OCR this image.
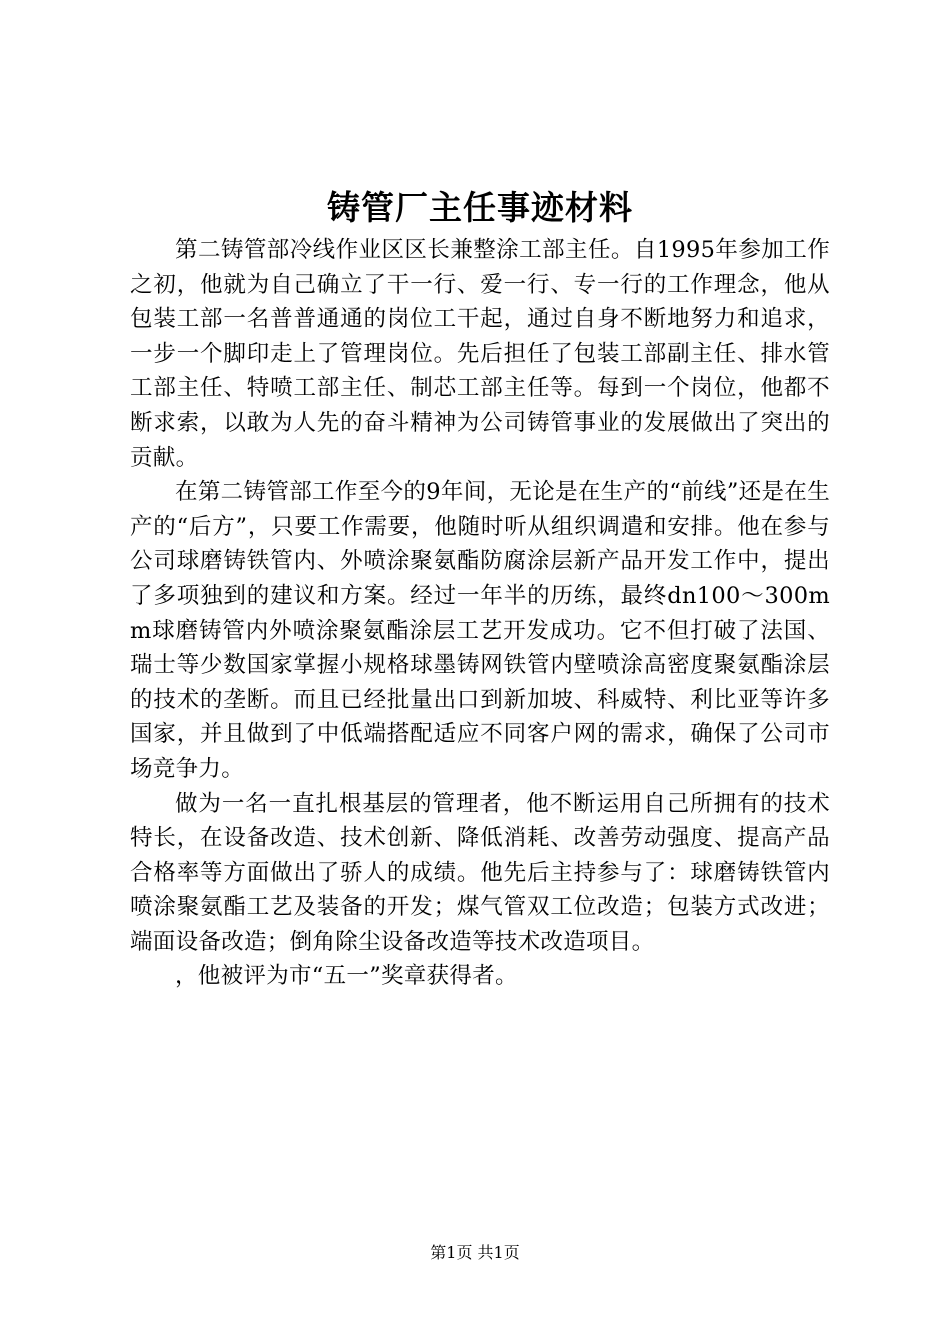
铸管厂主任事迹材料

第二铸管部冷线作业区区长兼整涂工部主任。自1995年参加工作之初，他就为自己确立了干一行、爱一行、专一行的工作理念，他从包装工部一名普普通通的岗位工干起，通过自身不断地努力和追求，一步一个脚印走上了管理岗位。先后担任了包装工部副主任、排水管工部主任、特喷工部主任、制芯工部主任等。每到一个岗位，他都不断求索，以敢为人先的奋斗精神为公司铸管事业的发展做出了突出的贡献。

在第二铸管部工作至今的9年间，无论是在生产的“前线”还是在生产的“后方”，只要工作需要，他随时听从组织调遣和安排。他在参与公司球磨铸铁管内、外喷涂聚氨酯防腐涂层新产品开发工作中，提出了多项独到的建议和方案。经过一年半的历练，最终dn100～300mm球磨铸管内外喷涂聚氨酯涂层工艺开发成功。它不但打破了法国、瑞士等少数国家掌握小规格球墨铸网铁管内壁喷涂高密度聚氨酯涂层的技术的垄断。而且已经批量出口到新加坡、科威特、利比亚等许多国家，并且做到了中低端搭配适应不同客户网的需求，确保了公司市场竞争力。

做为一名一直扎根基层的管理者，他不断运用自己所拥有的技术特长，在设备改造、技术创新、降低消耗、改善劳动强度、提高产品合格率等方面做出了骄人的成绩。他先后主持参与了：球磨铸铁管内喷涂聚氨酯工艺及装备的开发；煤气管双工位改造；包装方式改进；端面设备改造；倒角除尘设备改造等技术改造项目。

，他被评为市“五一”奖章获得者。

第1页 共1页
